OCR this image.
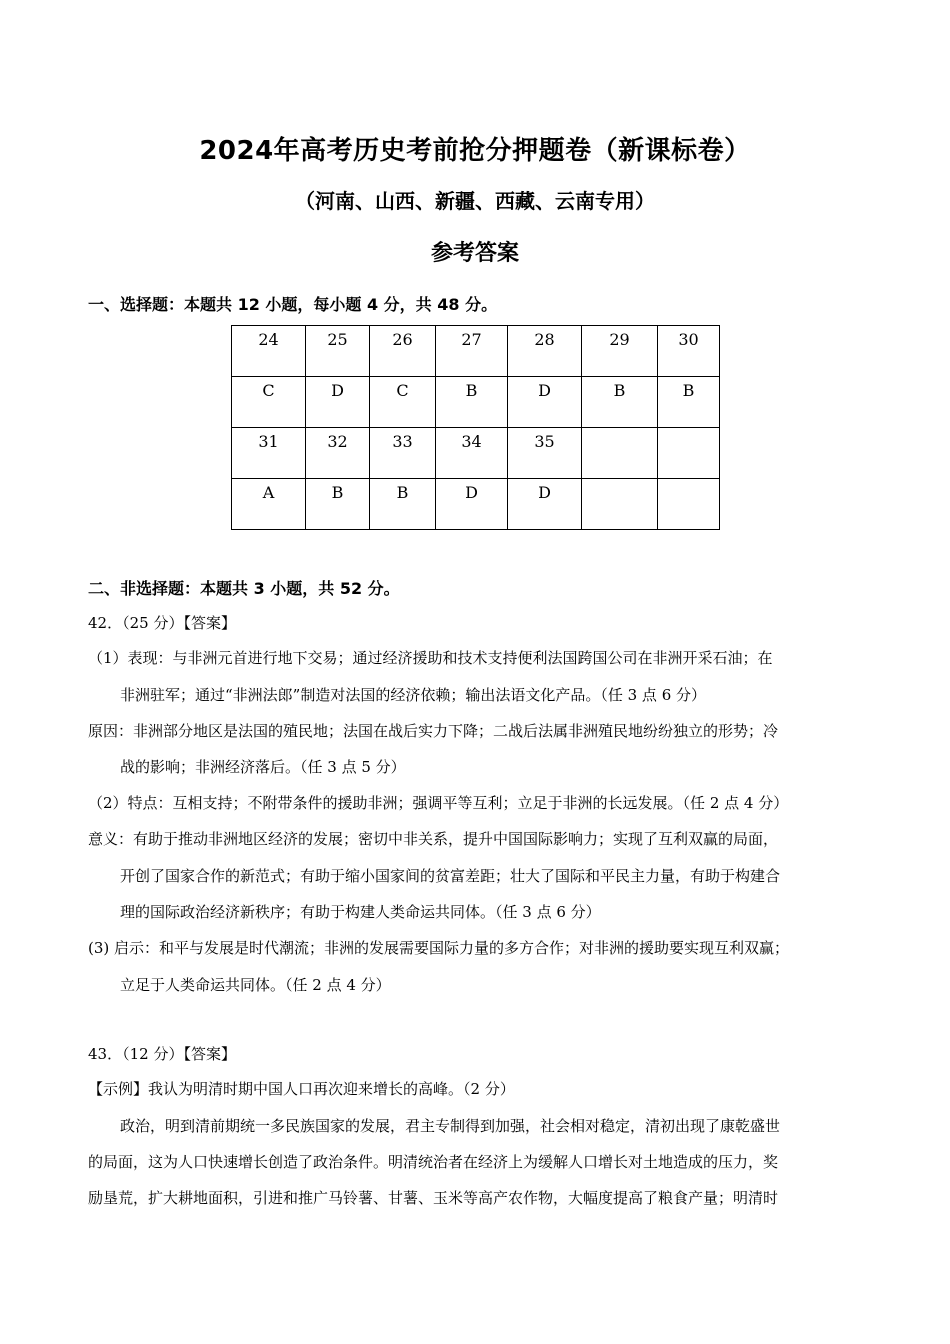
2024年高考历史考前抢分押题卷（新课标卷）
（河南、山西、新疆、西藏、云南专用）
参考答案
一、选择题：本题共 12 小题，每小题 4 分，共 48 分。
24	25	26	27	28	29	30
C	D	C	B	D	B	B
31	32	33	34	35		
A	B	B	D	D		
二、非选择题：本题共 3 小题，共 52 分。
42．（25 分）【答案】
（1）表现：与非洲元首进行地下交易；通过经济援助和技术支持便利法国跨国公司在非洲开采石油；在
非洲驻军；通过“非洲法郎”制造对法国的经济依赖；输出法语文化产品。（任 3 点 6 分）
原因：非洲部分地区是法国的殖民地；法国在战后实力下降；二战后法属非洲殖民地纷纷独立的形势；冷
战的影响；非洲经济落后。（任 3 点 5 分）
（2）特点：互相支持；不附带条件的援助非洲；强调平等互利；立足于非洲的长远发展。（任 2 点 4 分）
意义：有助于推动非洲地区经济的发展；密切中非关系，提升中国国际影响力；实现了互利双赢的局面，
开创了国家合作的新范式；有助于缩小国家间的贫富差距；壮大了国际和平民主力量，有助于构建合
理的国际政治经济新秩序；有助于构建人类命运共同体。（任 3 点 6 分）
(3) 启示：和平与发展是时代潮流；非洲的发展需要国际力量的多方合作；对非洲的援助要实现互利双赢；
立足于人类命运共同体。（任 2 点 4 分）
43．（12 分）【答案】
【示例】我认为明清时期中国人口再次迎来增长的高峰。（2 分）
政治，明到清前期统一多民族国家的发展，君主专制得到加强，社会相对稳定，清初出现了康乾盛世
的局面，这为人口快速增长创造了政治条件。明清统治者在经济上为缓解人口增长对土地造成的压力，奖
励垦荒，扩大耕地面积，引进和推广马铃薯、甘薯、玉米等高产农作物，大幅度提高了粮食产量；明清时
